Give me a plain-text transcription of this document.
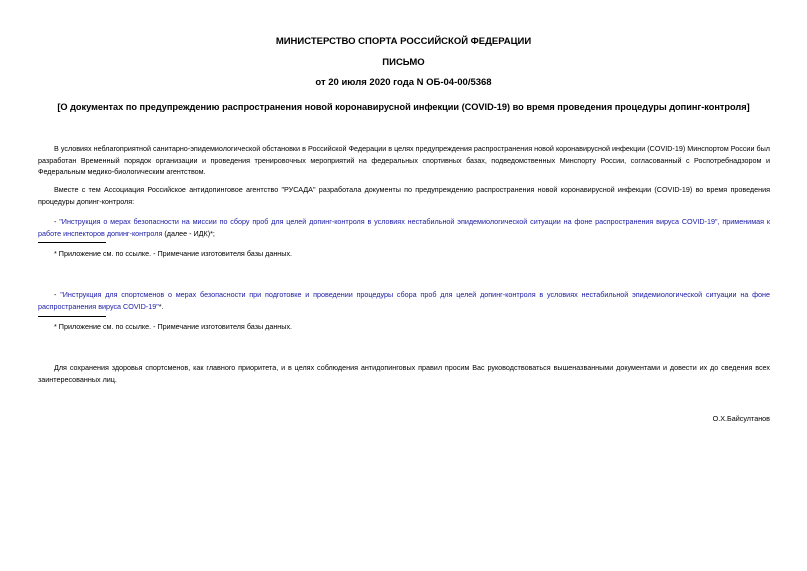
МИНИСТЕРСТВО СПОРТА РОССИЙСКОЙ ФЕДЕРАЦИИ
ПИСЬМО
от 20 июля 2020 года N ОБ-04-00/5368
[О документах по предупреждению распространения новой коронавирусной инфекции (COVID-19) во время проведения процедуры допинг-контроля]
В условиях неблагоприятной санитарно-эпидемиологической обстановки в Российской Федерации в целях предупреждения распространения новой коронавирусной инфекции (COVID-19) Минспортом России был разработан Временный порядок организации и проведения тренировочных мероприятий на федеральных спортивных базах, подведомственных Минспорту России, согласованный с Роспотребнадзором и Федеральным медико-биологическим агентством.
Вместе с тем Ассоциация Российское антидопинговое агентство "РУСАДА" разработала документы по предупреждению распространения новой коронавирусной инфекции (COVID-19) во время проведения процедуры допинг-контроля:
- "Инструкция о мерах безопасности на миссии по сбору проб для целей допинг-контроля в условиях нестабильной эпидемиологической ситуации на фоне распространения вируса COVID-19", применимая к работе инспекторов допинг-контроля (далее - ИДК)*;
* Приложение см. по ссылке. - Примечание изготовителя базы данных.
- "Инструкция для спортсменов о мерах безопасности при подготовке и проведении процедуры сбора проб для целей допинг-контроля в условиях нестабильной эпидемиологической ситуации на фоне распространения вируса COVID-19"*.
* Приложение см. по ссылке. - Примечание изготовителя базы данных.
Для сохранения здоровья спортсменов, как главного приоритета, и в целях соблюдения антидопинговых правил просим Вас руководствоваться вышеназванными документами и довести их до сведения всех заинтересованных лиц.
О.Х.Байсултанов
